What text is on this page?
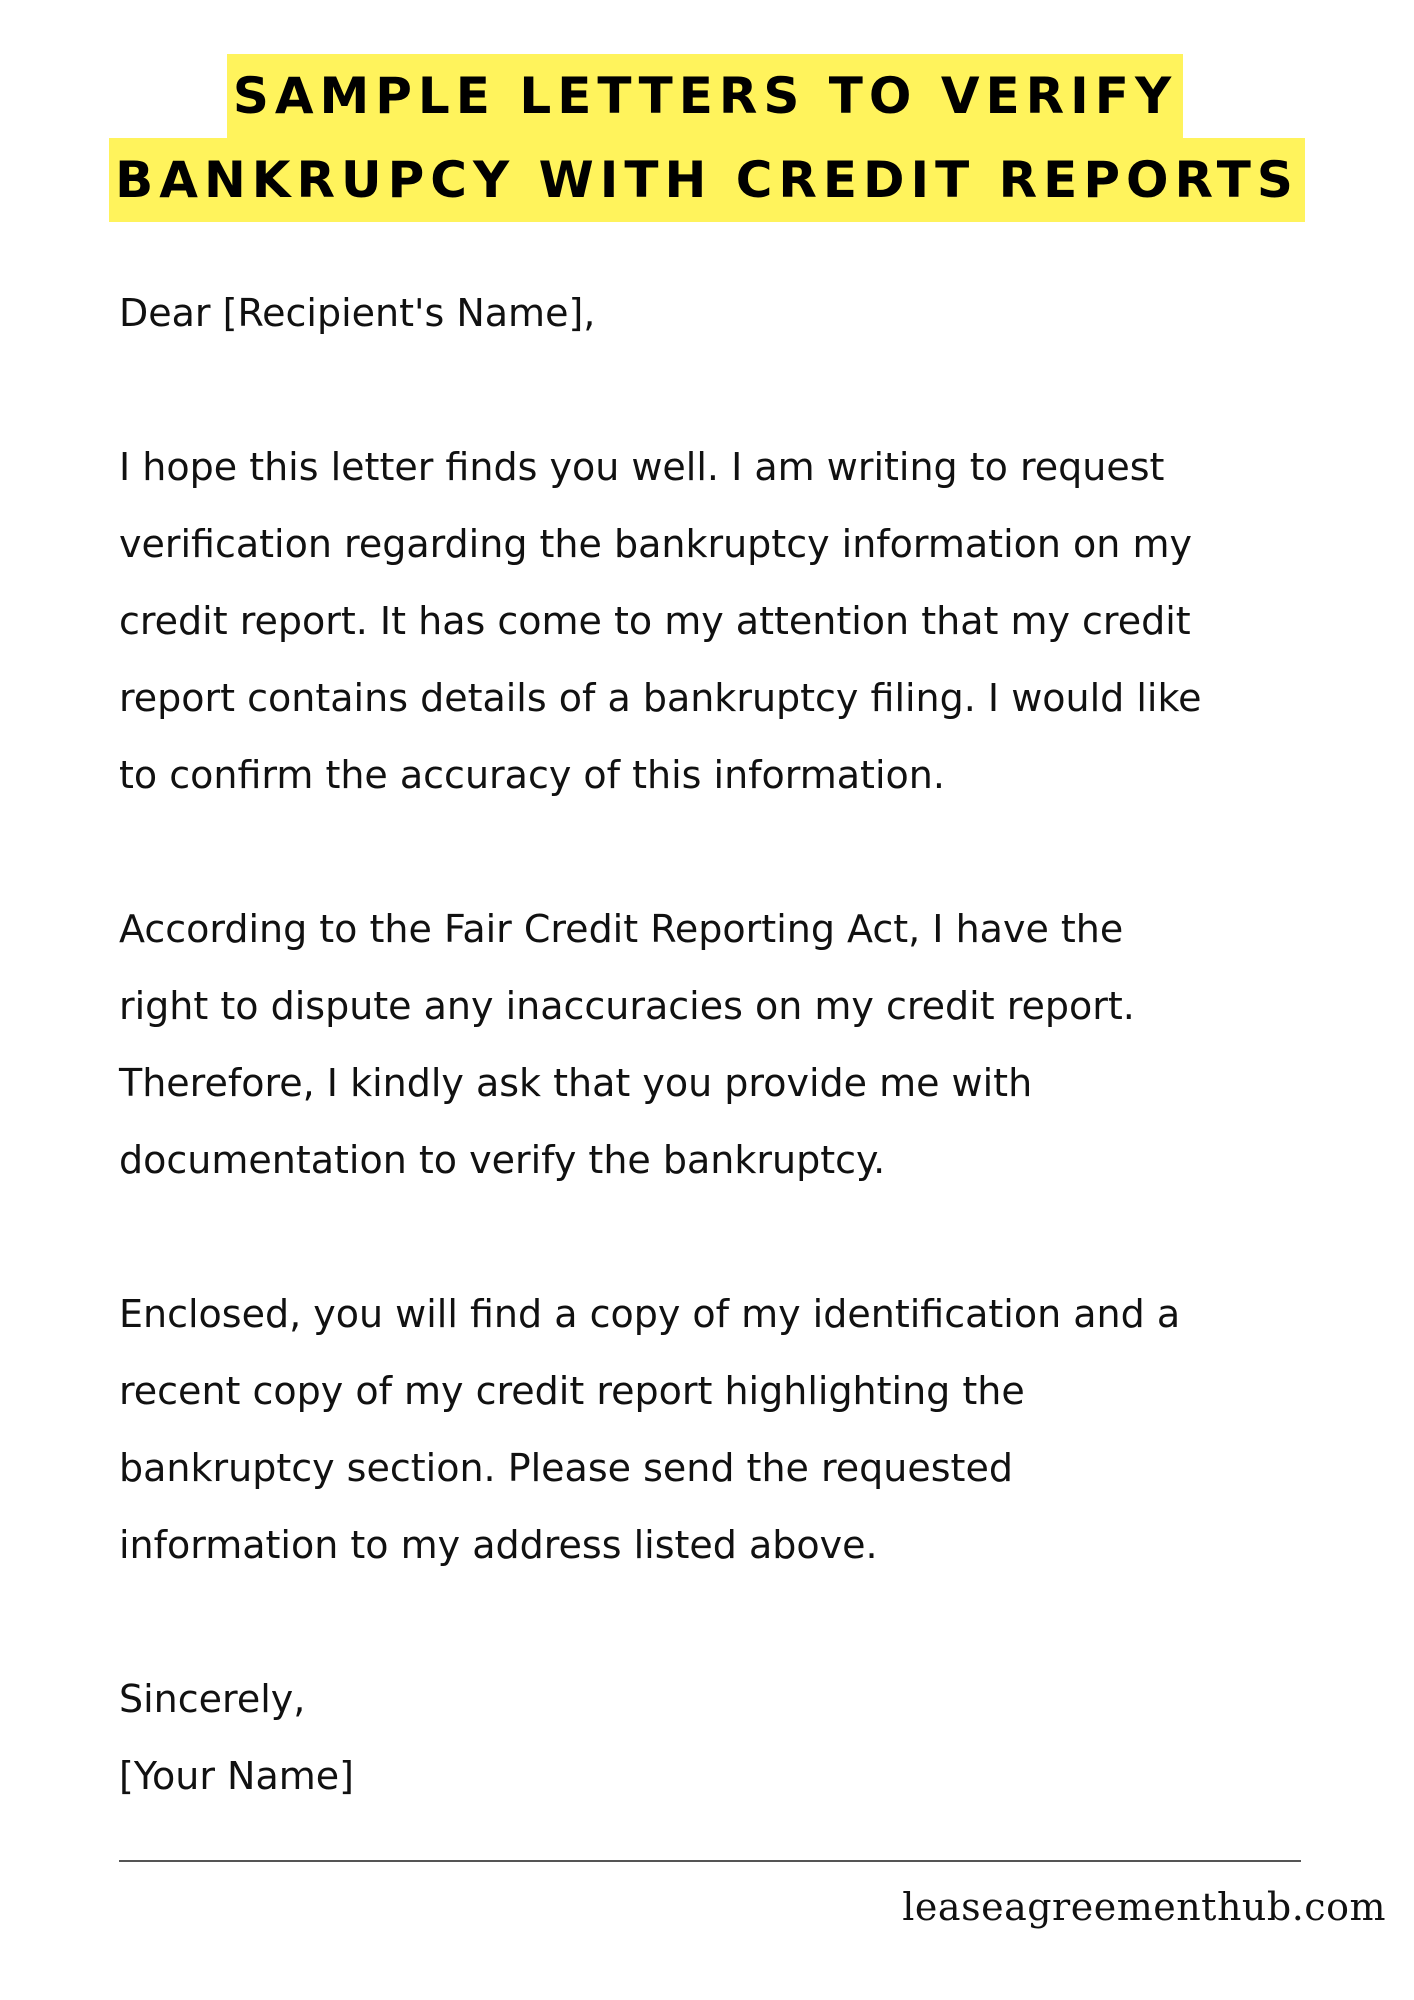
SAMPLE LETTERS TO VERIFY
BANKRUPCY WITH CREDIT REPORTS

Dear [Recipient's Name],

I hope this letter finds you well. I am writing to request
verification regarding the bankruptcy information on my
credit report. It has come to my attention that my credit
report contains details of a bankruptcy filing. I would like
to confirm the accuracy of this information.

According to the Fair Credit Reporting Act, I have the
right to dispute any inaccuracies on my credit report.
Therefore, I kindly ask that you provide me with
documentation to verify the bankruptcy.

Enclosed, you will find a copy of my identification and a
recent copy of my credit report highlighting the
bankruptcy section. Please send the requested
information to my address listed above.

Sincerely,
[Your Name]

leaseagreementhub.com
